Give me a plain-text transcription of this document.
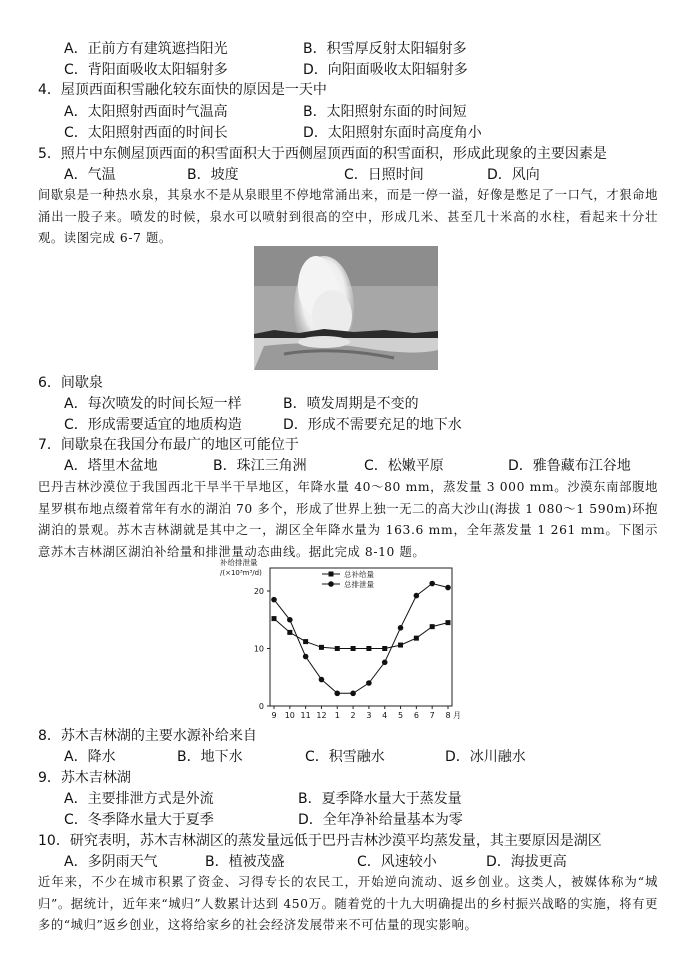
A．正前方有建筑遮挡阳光	B．积雪厚反射太阳辐射多
C．背阳面吸收太阳辐射多	D．向阳面吸收太阳辐射多
4．屋顶西面积雪融化较东面快的原因是一天中
A．太阳照射西面时气温高	B．太阳照射东面的时间短
C．太阳照射西面的时间长	D．太阳照射东面时高度角小
5．照片中东侧屋顶西面的积雪面积大于西侧屋顶西面的积雪面积，形成此现象的主要因素是
A．气温	B．坡度	C．日照时间	D．风向
间歇泉是一种热水泉，其泉水不是从泉眼里不停地常涌出来，而是一停一溢，好像是憋足了一口气，才狠命地涌出一股子来。喷发的时候，泉水可以喷射到很高的空中，形成几米、甚至几十米高的水柱，看起来十分壮观。读图完成 6-7 题。
6．间歇泉
A．每次喷发的时间长短一样	B．喷发周期是不变的
C．形成需要适宜的地质构造	D．形成不需要充足的地下水
7．间歇泉在我国分布最广的地区可能位于
A．塔里木盆地	B．珠江三角洲	C．松嫩平原	D．雅鲁藏布江谷地
巴丹吉林沙漠位于我国西北干旱半干旱地区，年降水量 40～80 mm，蒸发量 3 000 mm。沙漠东南部腹地星罗棋布地点缀着常年有水的湖泊 70 多个，形成了世界上独一无二的高大沙山(海拔 1 080～1 590m)环抱湖泊的景观。苏木吉林湖就是其中之一，湖区全年降水量为 163.6 mm，全年蒸发量 1 261 mm。下图示意苏木吉林湖区湖泊补给量和排泄量动态曲线。据此完成 8-10 题。
0
10
20
9 10 11 12 1 2 3 4 5 6 7 8 月
补给排泄量
/(×10³m³/d)	总补给量
总排泄量
8．苏木吉林湖的主要水源补给来自
A．降水	B．地下水	C．积雪融水	D．冰川融水
9．苏木吉林湖
A．主要排泄方式是外流	B．夏季降水量大于蒸发量
C．冬季降水量大于夏季	D．全年净补给量基本为零
10．研究表明，苏木吉林湖区的蒸发量远低于巴丹吉林沙漠平均蒸发量，其主要原因是湖区
A．多阴雨天气	B．植被茂盛	C．风速较小	D．海拔更高
近年来，不少在城市积累了资金、习得专长的农民工，开始逆向流动、返乡创业。这类人，被媒体称为“城归”。据统计，近年来“城归”人数累计达到 450万。随着党的十九大明确提出的乡村振兴战略的实施，将有更多的“城归”返乡创业，这将给家乡的社会经济发展带来不可估量的现实影响。
